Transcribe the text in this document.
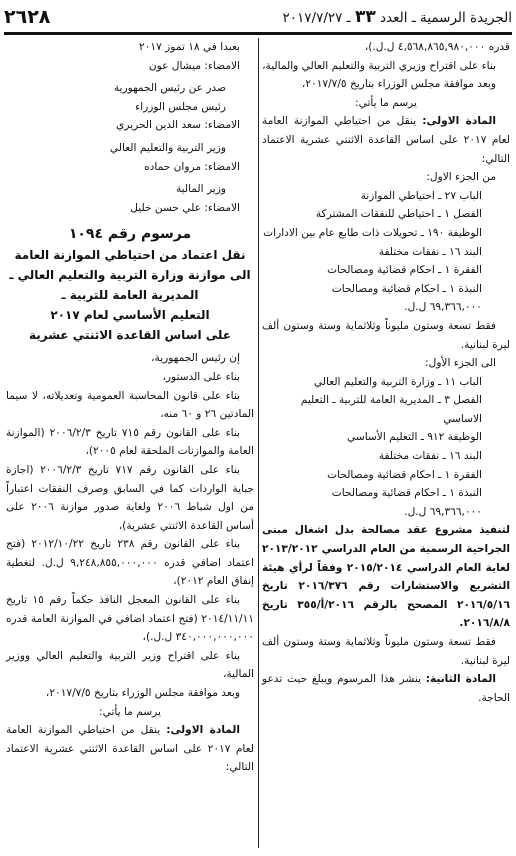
٢٦٢٨	الجريدة الرسمية ـ العدد ٣٣ ـ ٢٠١٧/٧/٢٧

قدره ٤,٥٦٨,٨٦٥,٩٨٠,٠٠٠ ل.ل.)،

بناء على اقتراح وزيري التربية والتعليم العالي والمالية،

وبعد موافقة مجلس الوزراء بتاريخ ٢٠١٧/٧/٥،

يرسم ما يأتي:

المادة الاولى: ينقل من احتياطي الموازنة العامة لعام ٢٠١٧ على اساس القاعدة الاثنتي عشرية الاعتماد التالي:

من الجزء الاول:

الباب ٢٧ ـ احتياطي الموازنة

الفصل ١ ـ احتياطي للنفقات المشتركة

الوظيفة ١٩٠ ـ تحويلات ذات طابع عام بين الادارات

البند ١٦ ـ نفقات مختلفة

الفقرة ١ ـ احكام قضائية ومصالحات

النبذة ١ ـ احكام قضائية ومصالحات

٦٩,٣٦٦,٠٠٠ ل.ل.

فقط تسعة وستون مليوناً وثلاثماية وستة وستون ألف ليرة لبنانية.

الى الجزء الأول:

الباب ١١ ـ وزارة التربية والتعليم العالي

الفصل ٣ ـ المديرية العامة للتربية ـ التعليم الاساسي

الوظيفة ٩١٢ ـ التعليم الأساسي

البند ١٦ ـ نفقات مختلفة

الفقرة ١ ـ احكام قضائية ومصالحات

النبذة ١ ـ احكام قضائية ومصالحات

٦٩,٣٦٦,٠٠٠ ل.ل.

لتنفيذ مشروع عقد مصالحة بدل اشغال مبنى الجراحية الرسمية من العام الدراسي ٢٠١٣/٢٠١٢ لغاية العام الدراسي ٢٠١٥/٢٠١٤ وفقاً لرأي هيئة التشريع والاستشارات رقم ٢٠١٦/٣٧٦ تاريخ ٢٠١٦/٥/١٦ المصحح بالرقم ٢٠١٦/أ/٣٥٥ تاريخ ٢٠١٦/٨/٨.

فقط تسعة وستون مليوناً وثلاثماية وستة وستون ألف ليرة لبنانية.

المادة الثانية: ينشر هذا المرسوم ويبلغ حيث تدعو الحاجة.

بعبدا في ١٨ تموز ٢٠١٧

الامضاء: ميشال عون

صدر عن رئيس الجمهورية

رئيس مجلس الوزراء

الامضاء: سعد الدين الحريري

وزير التربية والتعليم العالي

الامضاء: مروان حماده

وزير المالية

الامضاء: علي حسن خليل

مرسوم رقم ١٠٩٤

نقل اعتماد من احتياطي الموازنة العامة

الى موازنة وزارة التربية والتعليم العالي ـ

المديرية العامة للتربية ـ

التعليم الأساسي لعام ٢٠١٧

على اساس القاعدة الاثنتي عشرية

إن رئيس الجمهورية،

بناء على الدستور،

بناء على قانون المحاسبة العمومية وتعديلاته، لا سيما المادتين ٢٦ و ٦٠ منه،

بناء على القانون رقم ٧١٥ تاريخ ٢٠٠٦/٢/٣ (الموازنة العامة والموازنات الملحقة لعام ٢٠٠٥)،

بناء على القانون رقم ٧١٧ تاريخ ٢٠٠٦/٢/٣ (اجازة جباية الواردات كما في السابق وصرف النفقات اعتباراً من اول شباط ٢٠٠٦ ولغاية صدور موازنة ٢٠٠٦ على أساس القاعدة الاثنتي عشرية)،

بناء على القانون رقم ٢٣٨ تاريخ ٢٠١٢/١٠/٢٢ (فتح اعتماد اضافي قدره ٩,٢٤٨,٨٥٥,٠٠٠,٠٠٠ ل.ل. لتغطية إنفاق العام ٢٠١٢)،

بناء على القانون المعجل النافذ حكماً رقم ١٥ تاريخ ٢٠١٤/١١/١١ (فتح اعتماد اضافي في الموازنة العامة قدره ٣٤٠,٠٠٠,٠٠٠,٠٠٠ ل.ل.)،

بناء على اقتراح وزير التربية والتعليم العالي ووزير المالية،

وبعد موافقة مجلس الوزراء بتاريخ ٢٠١٧/٧/٥،

يرسم ما يأتي:

المادة الاولى: ينقل من احتياطي الموازنة العامة لعام ٢٠١٧ على اساس القاعدة الاثنتي عشرية الاعتماد التالي:
